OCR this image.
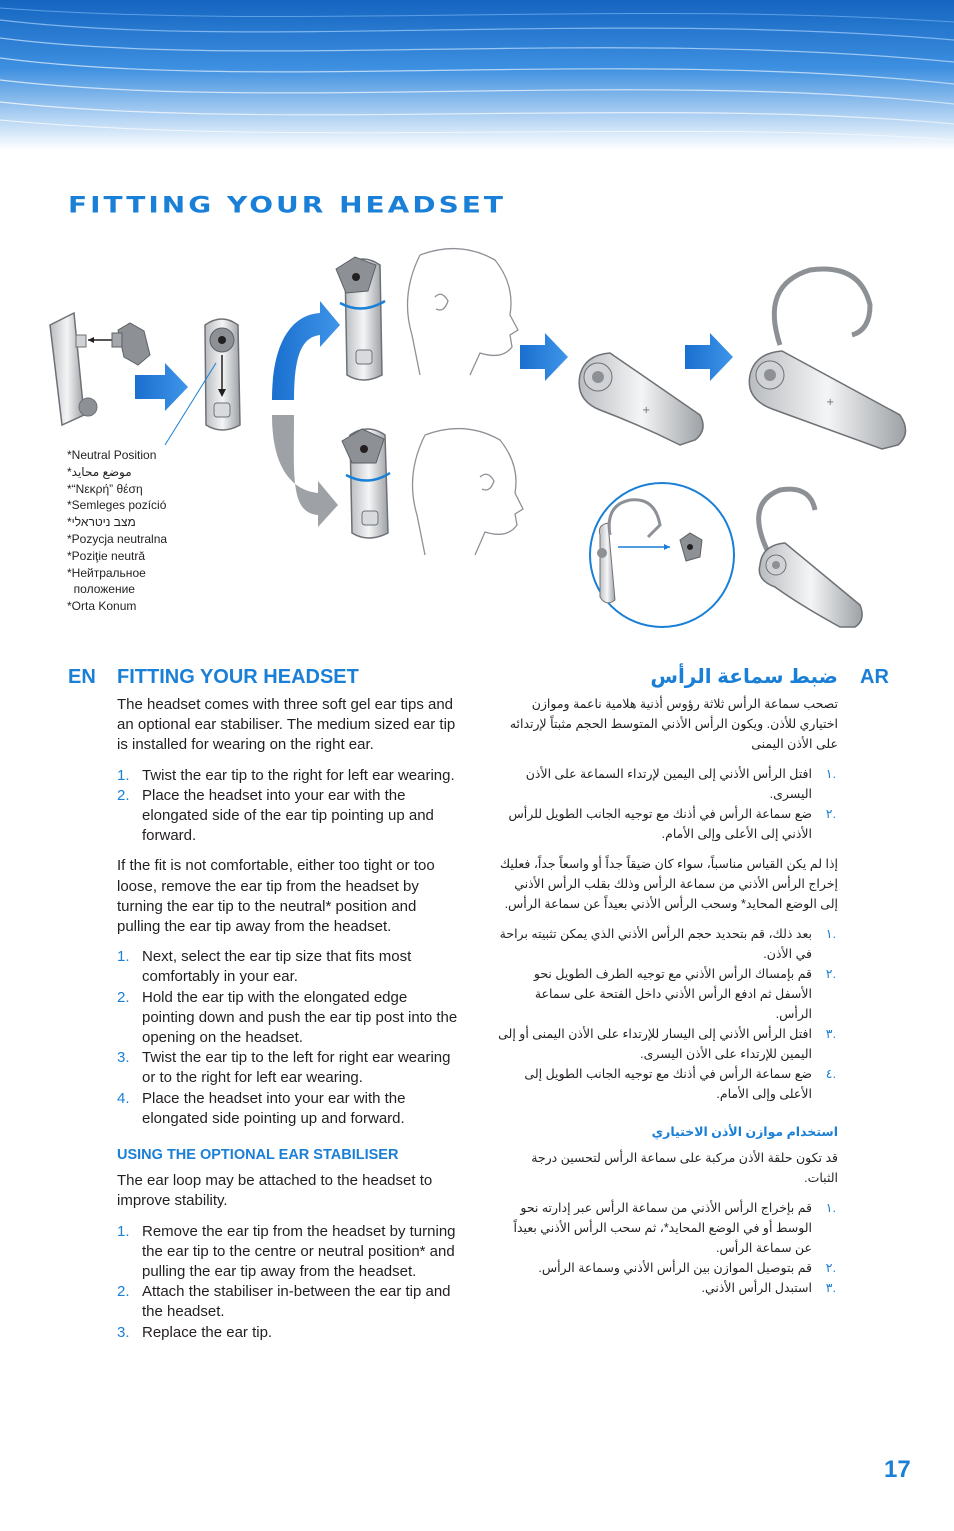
FITTING YOUR HEADSET
+
+
*Neutral Position
*موضع محايد
*“Νεκρή” θέση
*Semleges pozíció
*מצב ניטראלי
*Pozycja neutralna
*Poziţie neutră
*Нейтральное
положение
*Orta Konum
EN FITTING YOUR HEADSET

The headset comes with three soft gel ear tips and an optional ear stabiliser. The medium sized ear tip is installed for wearing on the right ear.

1. Twist the ear tip to the right for left ear wearing.
2. Place the headset into your ear with the elongated side of the ear tip pointing up and forward.

If the fit is not comfortable, either too tight or too loose, remove the ear tip from the headset by turning the ear tip to the neutral* position and pulling the ear tip away from the headset.

1. Next, select the ear tip size that fits most comfortably in your ear.
2. Hold the ear tip with the elongated edge pointing down and push the ear tip post into the opening on the headset.
3. Twist the ear tip to the left for right ear wearing or to the right for left ear wearing.
4. Place the headset into your ear with the elongated side pointing up and forward.
USING THE OPTIONAL EAR STABILISER

The ear loop may be attached to the headset to improve stability.

1. Remove the ear tip from the headset by turning the ear tip to the centre or neutral position* and pulling the ear tip away from the headset.
2. Attach the stabiliser in-between the ear tip and the headset.
3. Replace the ear tip.
AR
ضبط سماعة الرأس

تصحب سماعة الرأس ثلاثة رؤوس أذنية هلامية ناعمة وموازن اختياري للأذن. ويكون الرأس الأذني المتوسط الحجم مثبتاً لإرتدائه على الأذن اليمنى

١.
افتل الرأس الأذني إلى اليمين لإرتداء السماعة على الأذن اليسرى.
٢.
ضع سماعة الرأس في أذنك مع توجيه الجانب الطويل للرأس الأذني إلى الأعلى وإلى الأمام.

إذا لم يكن القياس مناسباً، سواء كان ضيقاً جداً أو واسعاً جداً، فعليك إخراج الرأس الأذني من سماعة الرأس وذلك بقلب الرأس الأذني إلى الوضع المحايد* وسحب الرأس الأذني بعيداً عن سماعة الرأس.

١.
بعد ذلك، قم بتحديد حجم الرأس الأذني الذي يمكن تثبيته براحة في الأذن.
٢.
قم بإمساك الرأس الأذني مع توجيه الطرف الطويل نحو الأسفل ثم ادفع الرأس الأذني داخل الفتحة على سماعة الرأس.
٣.
افتل الرأس الأذني إلى اليسار للإرتداء على الأذن اليمنى أو إلى اليمين للإرتداء على الأذن اليسرى.
٤.
ضع سماعة الرأس في أذنك مع توجيه الجانب الطويل إلى الأعلى وإلى الأمام.
استخدام موازن الأذن الاختياري

قد تكون حلقة الأذن مركبة على سماعة الرأس لتحسين درجة الثبات.

١.
قم بإخراج الرأس الأذني من سماعة الرأس عبر إدارته نحو الوسط أو في الوضع المحايد*، ثم سحب الرأس الأذني بعيداً عن سماعة الرأس.
٢.
قم بتوصيل الموازن بين الرأس الأذني وسماعة الرأس.
٣.
استبدل الرأس الأذني.
17
